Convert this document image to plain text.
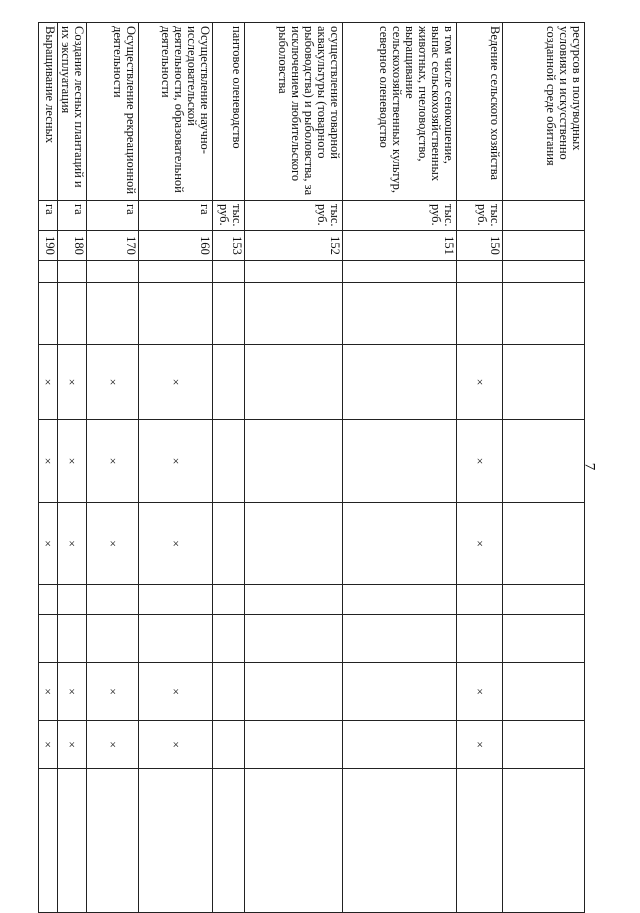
7
ресурсов в полуводных условиях и искусственно созданной среде обитания												
Ведение сельского хозяйства	тыс. руб.	150			×	×	×			×	×	
в том числе сенокошение, выпас сельскохозяйственных животных, пчеловодство, выращивание сельскохозяйственных культур, северное оленеводство	тыс. руб.	151										
осуществление товарной аквакультуры (товарного рыбоводства) и рыболовства, за исключением любительского рыболовства	тыс. руб.	152										
пантовое оленеводство	тыс. руб.	153										
Осуществление научно-исследовательской деятельности, образовательной деятельности	га	160			×	×	×			×	×	
Осуществление рекреационной деятельности	га	170			×	×	×			×	×	
Создание лесных плантаций и их эксплуатация	га	180			×	×	×			×	×	
Выращивание лесных	га	190			×	×	×			×	×	
